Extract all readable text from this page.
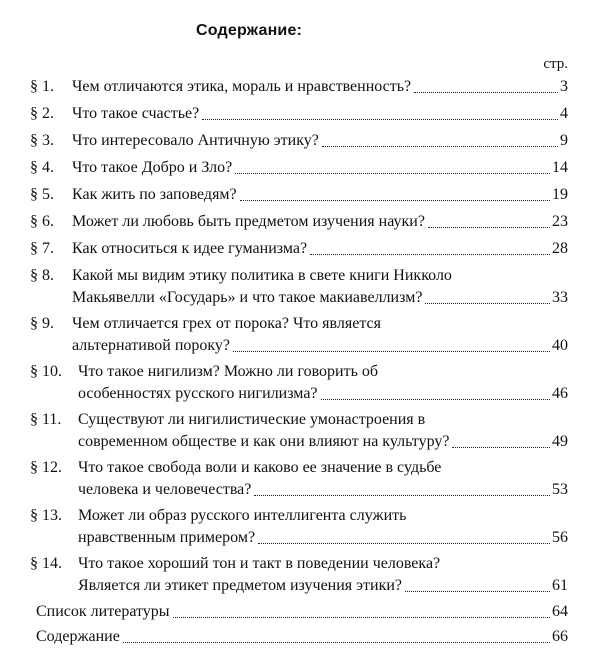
Содержание:
стр.
§ 1. Чем отличаются этика, мораль и нравственность?	3
§ 2. Что такое счастье?	4
§ 3. Что интересовало Античную этику?	9
§ 4. Что такое Добро и Зло?	14
§ 5. Как жить по заповедям?	19
§ 6. Может ли любовь быть предметом изучения науки?	23
§ 7. Как относиться к идее гуманизма?	28
§ 8. Какой мы видим этику политика в свете книги Никколо
Макьявелли «Государь» и что такое макиавеллизм?	33
§ 9. Чем отличается грех от порока? Что является
альтернативой пороку?	40
§ 10. Что такое нигилизм? Можно ли говорить об
особенностях русского нигилизма?	46
§ 11. Существуют ли нигилистические умонастроения в
современном обществе и как они влияют на культуру?	49
§ 12. Что такое свобода воли и каково ее значение в судьбе
человека и человечества?	53
§ 13. Может ли образ русского интеллигента служить
нравственным примером?	56
§ 14. Что такое хороший тон и такт в поведении человека?
Является ли этикет предметом изучения этики?	61
Список литературы	64
Содержание	66
